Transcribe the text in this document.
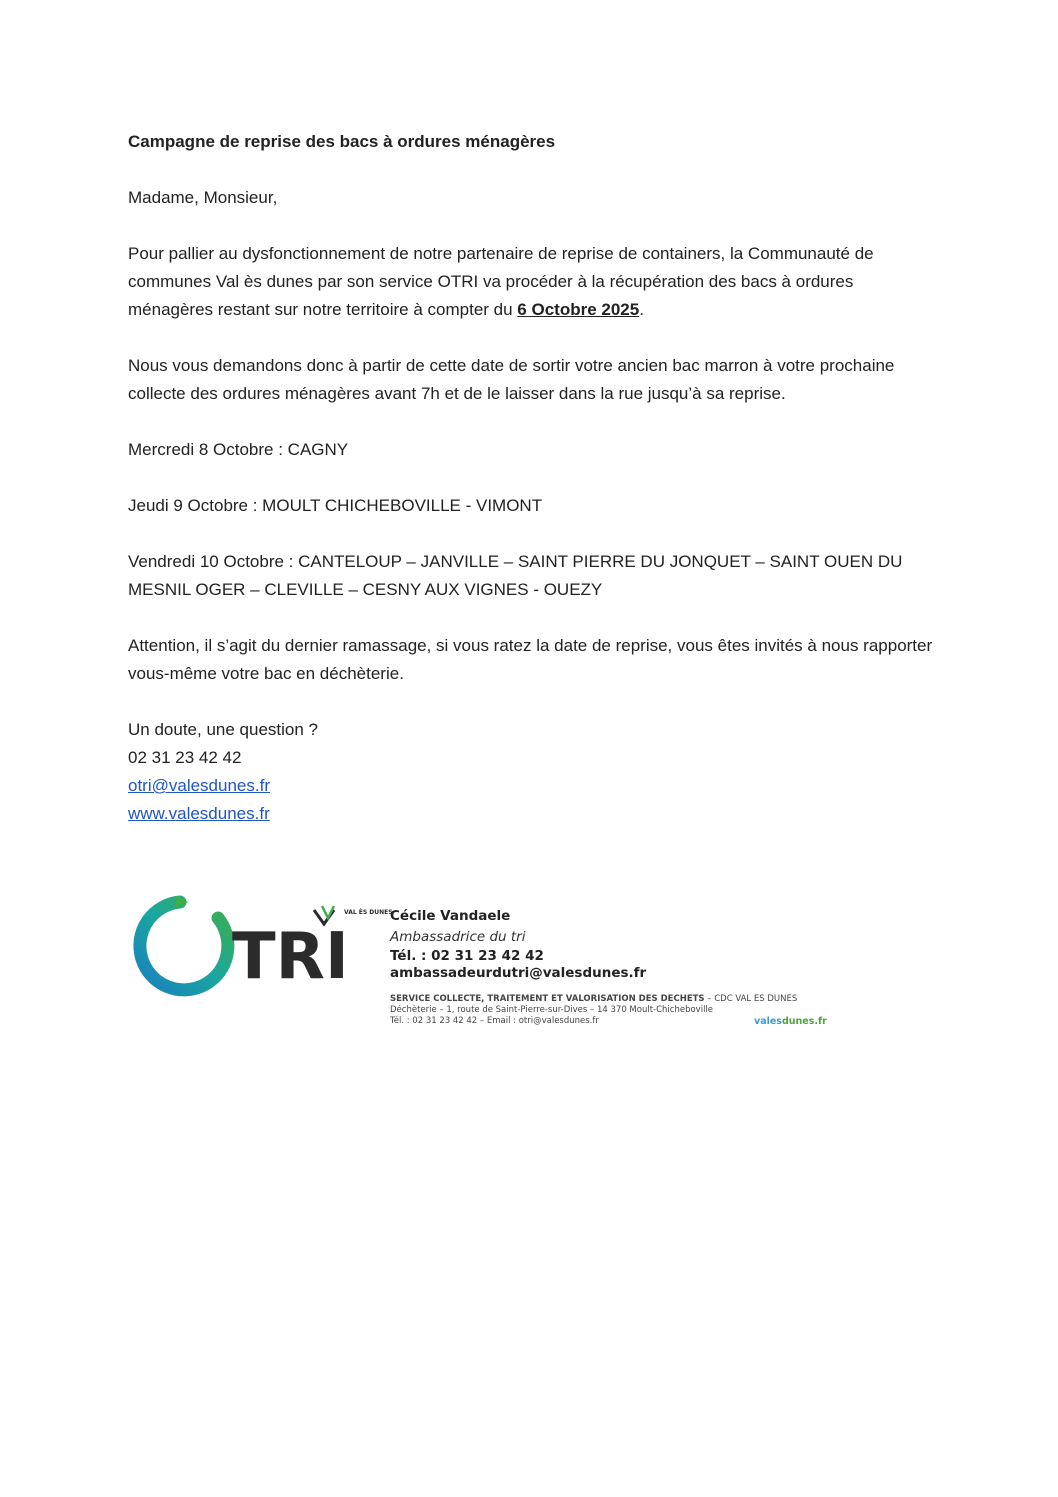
Campagne de reprise des bacs à ordures ménagères

Madame, Monsieur,

Pour pallier au dysfonctionnement de notre partenaire de reprise de containers, la Communauté de communes Val ès dunes par son service OTRI va procéder à la récupération des bacs à ordures ménagères restant sur notre territoire à compter du 6 Octobre 2025.

Nous vous demandons donc à partir de cette date de sortir votre ancien bac marron à votre prochaine collecte des ordures ménagères avant 7h et de le laisser dans la rue jusqu’à sa reprise.

Mercredi 8 Octobre : CAGNY

Jeudi 9 Octobre : MOULT CHICHEBOVILLE - VIMONT

Vendredi 10 Octobre : CANTELOUP – JANVILLE – SAINT PIERRE DU JONQUET – SAINT OUEN DU MESNIL OGER – CLEVILLE – CESNY AUX VIGNES - OUEZY

Attention, il s’agit du dernier ramassage, si vous ratez la date de reprise, vous êtes invités à nous rapporter vous-même votre bac en déchèterie.

Un doute, une question ?

02 31 23 42 42

otri@valesdunes.fr

www.valesdunes.fr

TRI
VAL ÈS DUNES
Cécile Vandaele
Ambassadrice du tri
Tél. : 02 31 23 42 42
ambassadeurdutri@valesdunes.fr
SERVICE COLLECTE, TRAITEMENT ET VALORISATION DES DECHETS – CDC VAL ES DUNES
Déchèterie – 1, route de Saint-Pierre-sur-Dives – 14 370 Moult-Chicheboville
Tél. : 02 31 23 42 42 – Email : otri@valesdunes.fr	valesdunes.fr
